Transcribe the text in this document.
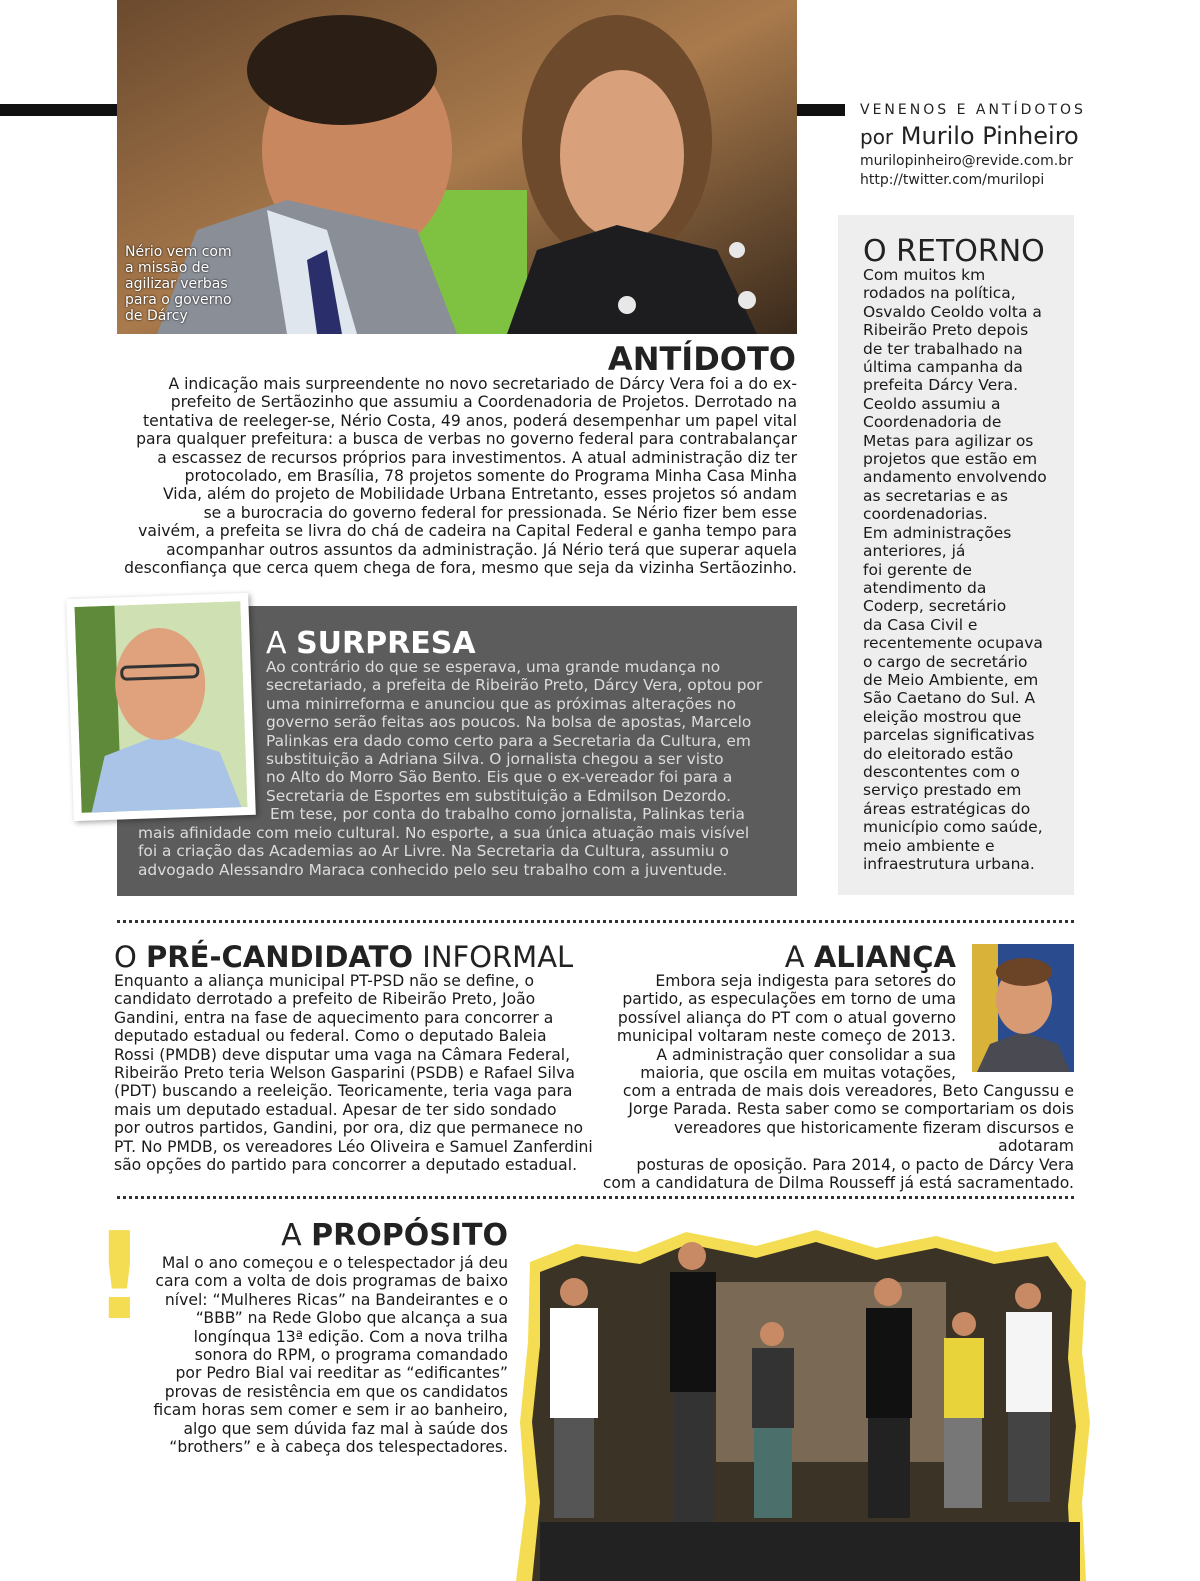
VENENOS E ANTÍDOTOS
por Murilo Pinheiro
murilopinheiro@revide.com.br
http://twitter.com/murilopi
Nério vem com
a missão de
agilizar verbas
para o governo
de Dárcy
ANTÍDOTO
A indicação mais surpreendente no novo secretariado de Dárcy Vera foi a do ex-
prefeito de Sertãozinho que assumiu a Coordenadoria de Projetos. Derrotado na
tentativa de reeleger-se, Nério Costa, 49 anos, poderá desempenhar um papel vital
para qualquer prefeitura: a busca de verbas no governo federal para contrabalançar
a escassez de recursos próprios para investimentos. A atual administração diz ter
protocolado, em Brasília, 78 projetos somente do Programa Minha Casa Minha
Vida, além do projeto de Mobilidade Urbana Entretanto, esses projetos só andam
se a burocracia do governo federal for pressionada. Se Nério fizer bem esse
vaivém, a prefeita se livra do chá de cadeira na Capital Federal e ganha tempo para
acompanhar outros assuntos da administração. Já Nério terá que superar aquela
desconfiança que cerca quem chega de fora, mesmo que seja da vizinha Sertãozinho.
O RETORNO
Com muitos km
rodados na política,
Osvaldo Ceoldo volta a
Ribeirão Preto depois
de ter trabalhado na
última campanha da
prefeita Dárcy Vera.
Ceoldo assumiu a
Coordenadoria de
Metas para agilizar os
projetos que estão em
andamento envolvendo
as secretarias e as
coordenadorias.
Em administrações
anteriores, já
foi gerente de
atendimento da
Coderp, secretário
da Casa Civil e
recentemente ocupava
o cargo de secretário
de Meio Ambiente, em
São Caetano do Sul. A
eleição mostrou que
parcelas significativas
do eleitorado estão
descontentes com o
serviço prestado em
áreas estratégicas do
município como saúde,
meio ambiente e
infraestrutura urbana.
A SURPRESA
Ao contrário do que se esperava, uma grande mudança no
secretariado, a prefeita de Ribeirão Preto, Dárcy Vera, optou por
uma minirreforma e anunciou que as próximas alterações no
governo serão feitas aos poucos. Na bolsa de apostas, Marcelo
Palinkas era dado como certo para a Secretaria da Cultura, em
substituição a Adriana Silva. O jornalista chegou a ser visto
no Alto do Morro São Bento. Eis que o ex-vereador foi para a
Secretaria de Esportes em substituição a Edmilson Dezordo.
Em tese, por conta do trabalho como jornalista, Palinkas teria
mais afinidade com meio cultural. No esporte, a sua única atuação mais visível
foi a criação das Academias ao Ar Livre. Na Secretaria da Cultura, assumiu o
advogado Alessandro Maraca conhecido pelo seu trabalho com a juventude.
O PRÉ-CANDIDATO INFORMAL
Enquanto a aliança municipal PT-PSD não se define, o
candidato derrotado a prefeito de Ribeirão Preto, João
Gandini, entra na fase de aquecimento para concorrer a
deputado estadual ou federal. Como o deputado Baleia
Rossi (PMDB) deve disputar uma vaga na Câmara Federal,
Ribeirão Preto teria Welson Gasparini (PSDB) e Rafael Silva
(PDT) buscando a reeleição. Teoricamente, teria vaga para
mais um deputado estadual. Apesar de ter sido sondado
por outros partidos, Gandini, por ora, diz que permanece no
PT. No PMDB, os vereadores Léo Oliveira e Samuel Zanferdini
são opções do partido para concorrer a deputado estadual.
A ALIANÇA
Embora seja indigesta para setores do
partido, as especulações em torno de uma
possível aliança do PT com o atual governo
municipal voltaram neste começo de 2013.
A administração quer consolidar a sua
maioria, que oscila em muitas votações,
com a entrada de mais dois vereadores, Beto Cangussu e
Jorge Parada. Resta saber como se comportariam os dois
vereadores que historicamente fizeram discursos e adotaram
posturas de oposição. Para 2014, o pacto de Dárcy Vera
com a candidatura de Dilma Rousseff já está sacramentado.
!	A PROPÓSITO
Mal o ano começou e o telespectador já deu
cara com a volta de dois programas de baixo
nível: “Mulheres Ricas” na Bandeirantes e o
“BBB” na Rede Globo que alcança a sua
longínqua 13ª edição. Com a nova trilha
sonora do RPM, o programa comandado
por Pedro Bial vai reeditar as “edificantes”
provas de resistência em que os candidatos
ficam horas sem comer e sem ir ao banheiro,
algo que sem dúvida faz mal à saúde dos
“brothers” e à cabeça dos telespectadores.
